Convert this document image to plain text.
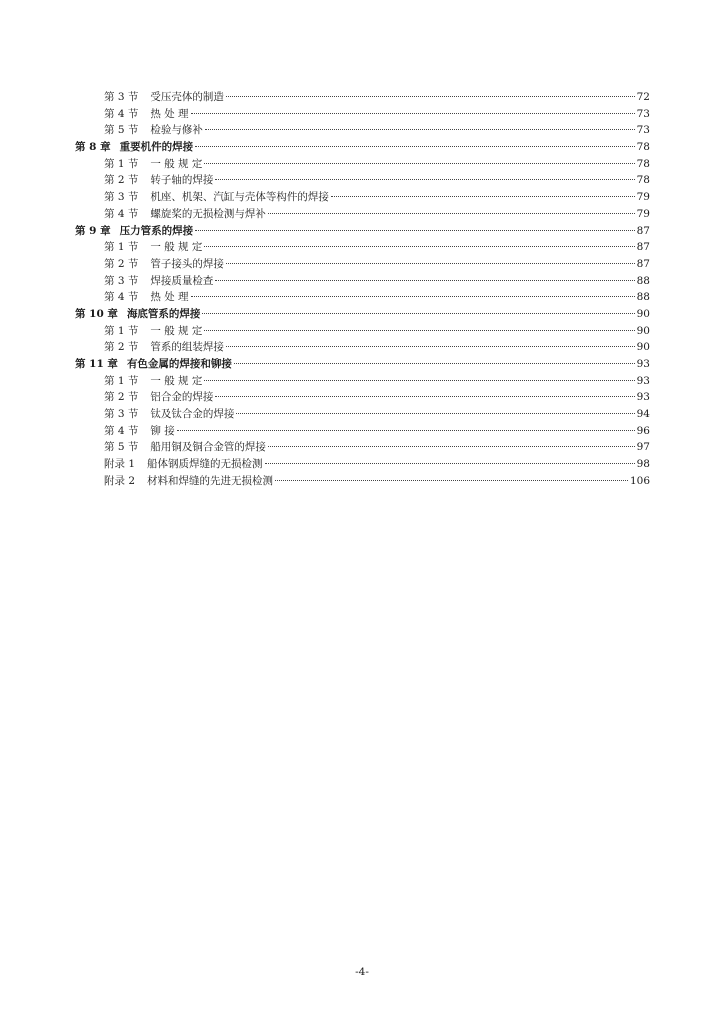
第 3 节 受压壳体的制造	72
第 4 节 热 处 理	73
第 5 节 检验与修补	73
第 8 章 重要机件的焊接	78
第 1 节 一 般 规 定	78
第 2 节 转子轴的焊接	78
第 3 节 机座、机架、汽缸与壳体等构件的焊接	79
第 4 节 螺旋桨的无损检测与焊补	79
第 9 章 压力管系的焊接	87
第 1 节 一 般 规 定	87
第 2 节 管子接头的焊接	87
第 3 节 焊接质量检查	88
第 4 节 热 处 理	88
第 10 章 海底管系的焊接	90
第 1 节 一 般 规 定	90
第 2 节 管系的组装焊接	90
第 11 章 有色金属的焊接和铆接	93
第 1 节 一 般 规 定	93
第 2 节 铝合金的焊接	93
第 3 节 钛及钛合金的焊接	94
第 4 节 铆 接	96
第 5 节 船用铜及铜合金管的焊接	97
附录 1 船体钢质焊缝的无损检测	98
附录 2 材料和焊缝的先进无损检测	106
-4-
